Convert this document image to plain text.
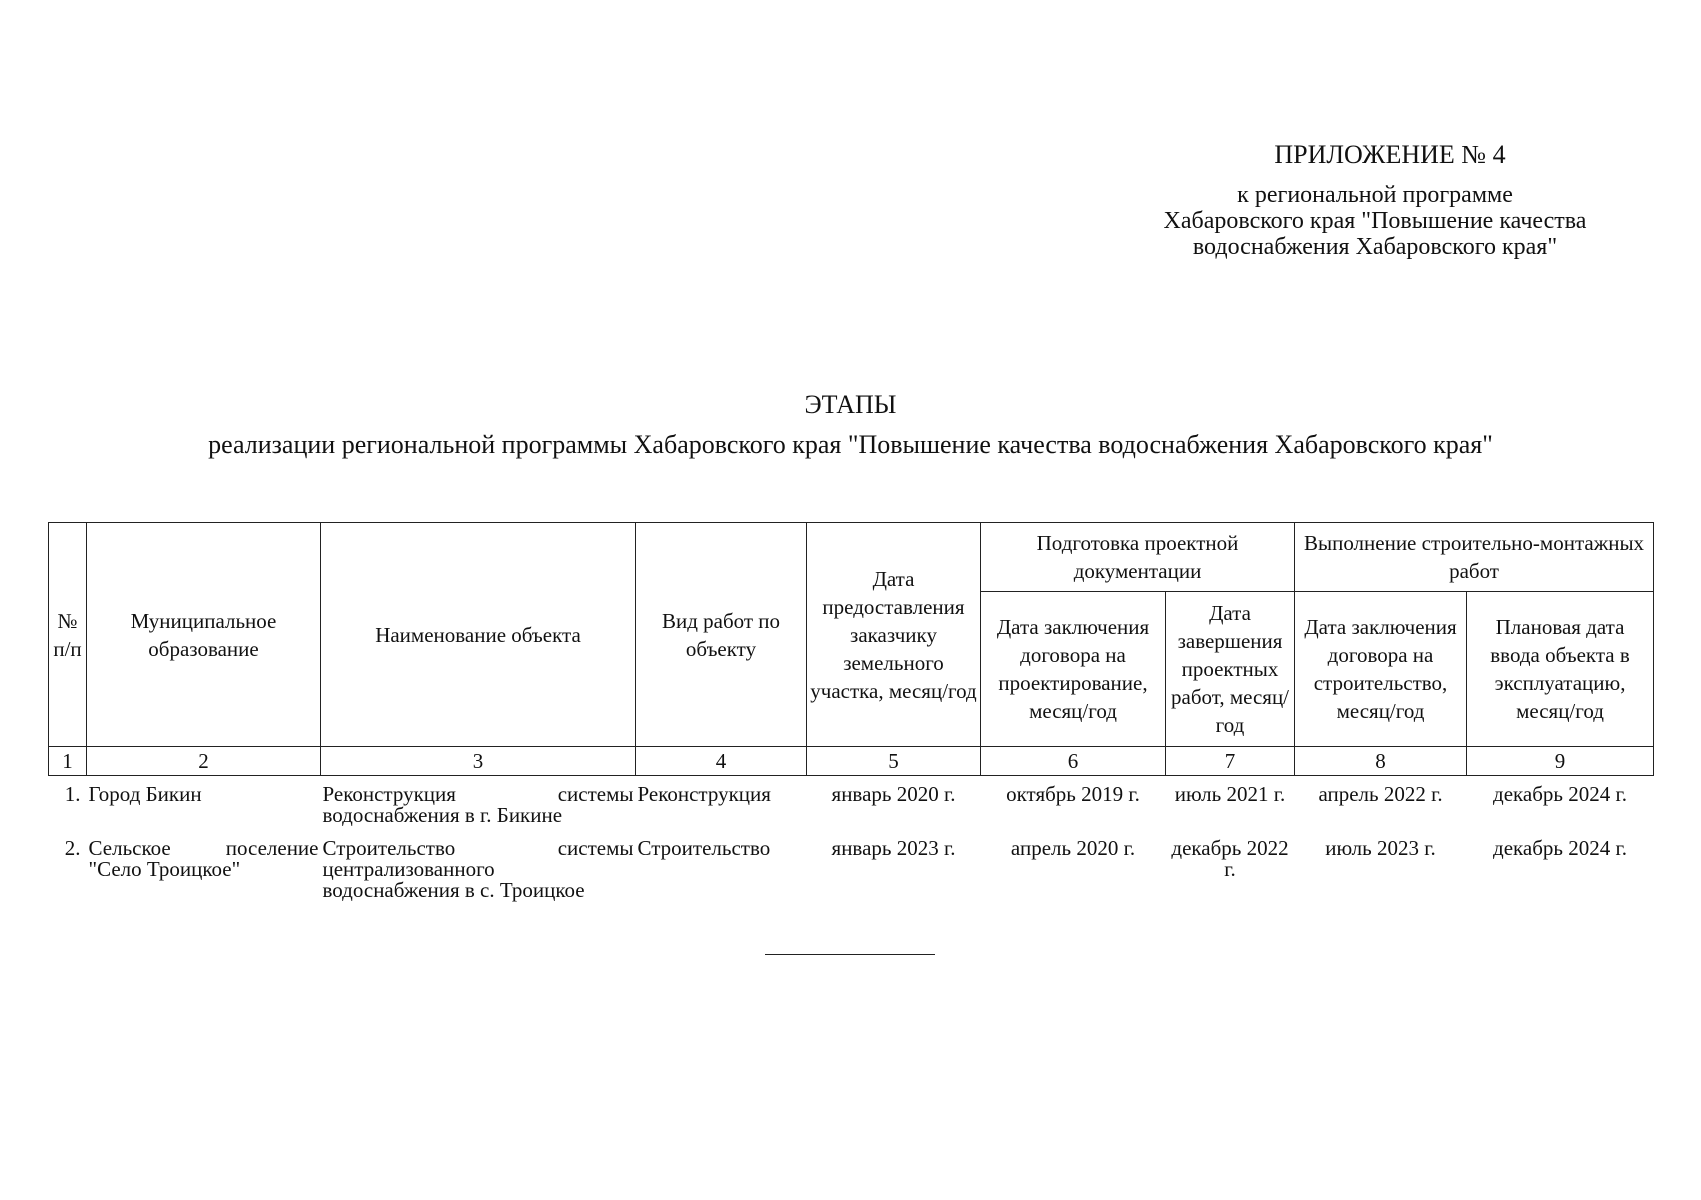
ПРИЛОЖЕНИЕ № 4
к региональной программе
Хабаровского края "Повышение качества
водоснабжения Хабаровского края"
ЭТАПЫ
реализации региональной программы Хабаровского края "Повышение качества водоснабжения Хабаровского края"
№ п/п	Муниципальное образование	Наименование объекта	Вид работ по объекту	Дата предоставления заказчику земельного участка, месяц/год	Подготовка проектной документации		Выполнение строительно-монтажных работ	
					Дата заключения договора на проектирование, месяц/год	Дата завершения проектных работ, месяц/год	Дата заключения договора на строительство, месяц/год	Плановая дата ввода объекта в эксплуатацию, месяц/год
1	2	3	4	5	6	7	8	9
1.	Город Бикин	Реконструкция системы водоснабжения в г. Бикине	Реконструкция	январь 2020 г.	октябрь 2019 г.	июль 2021 г.	апрель 2022 г.	декабрь 2024 г.
2.	Сельское поселение "Село Троицкое"	Строительство системы централизованного водоснабжения в с. Троицкое	Строительство	январь 2023 г.	апрель 2020 г.	декабрь 2022 г.	июль 2023 г.	декабрь 2024 г.
